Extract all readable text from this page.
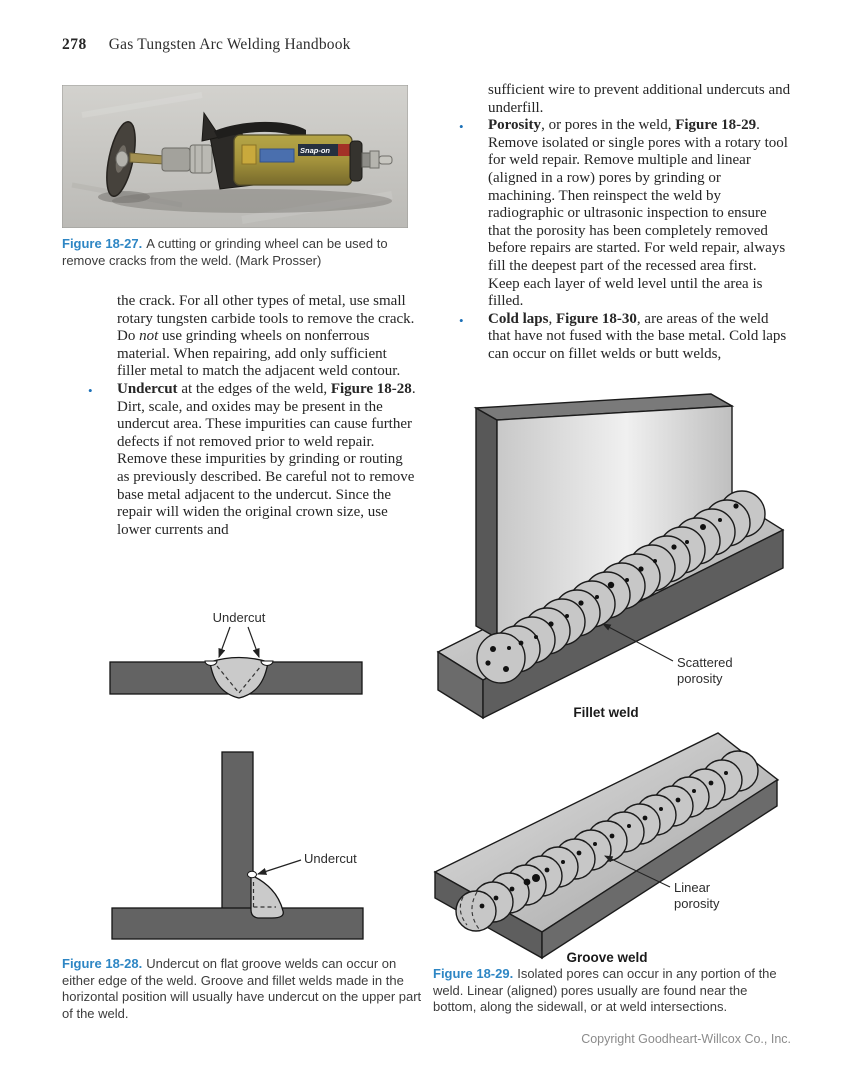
278 Gas Tungsten Arc Welding Handbook
Snap-on

Figure 18-27. A cutting or grinding wheel can be used to remove cracks from the weld. (Mark Prosser)

the crack. For all other types of metal, use small rotary tungsten carbide tools to remove the crack. Do not use grinding wheels on nonferrous material. When repairing, add only sufficient filler metal to match the adjacent weld contour.

• Undercut at the edges of the weld, Figure 18-28. Dirt, scale, and oxides may be present in the undercut area. These impurities can cause further defects if not removed prior to weld repair. Remove these impurities by grinding or routing as previously described. Be careful not to remove base metal adjacent to the undercut. Since the repair will widen the original crown size, use lower currents and

sufficient wire to prevent additional undercuts and underfill.

• Porosity, or pores in the weld, Figure 18-29. Remove isolated or single pores with a rotary tool for weld repair. Remove multiple and linear (aligned in a row) pores by grinding or machining. Then reinspect the weld by radiographic or ultrasonic inspection to ensure that the porosity has been completely removed before repairs are started. For weld repair, always fill the deepest part of the recessed area first. Keep each layer of weld level until the area is filled.
• Cold laps, Figure 18-30, are areas of the weld that have not fused with the base metal. Cold laps can occur on fillet welds or butt welds,
Undercut
Undercut

Figure 18-28. Undercut on flat groove welds can occur on either edge of the weld. Groove and fillet welds made in the horizontal position will usually have undercut on the upper part of the weld.

Scattered
porosity
Fillet weld
Linear
porosity
Groove weld

Figure 18-29. Isolated pores can occur in any portion of the weld. Linear (aligned) pores usually are found near the bottom, along the sidewall, or at weld intersections.

Copyright Goodheart-Willcox Co., Inc.
